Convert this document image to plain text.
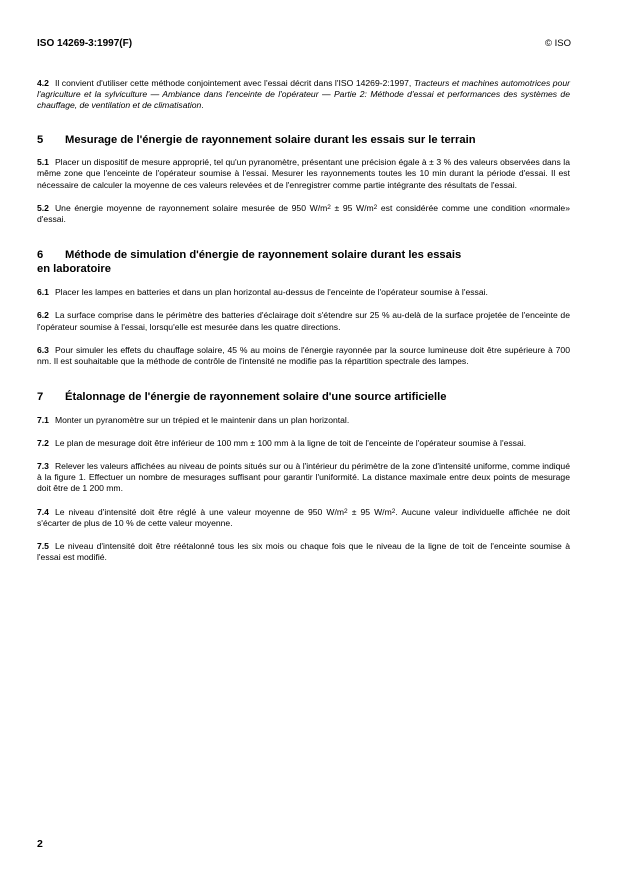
ISO 14269-3:1997(F)	© ISO

4.2 Il convient d'utiliser cette méthode conjointement avec l'essai décrit dans l'ISO 14269-2:1997, Tracteurs et machines automotrices pour l'agriculture et la sylviculture — Ambiance dans l'enceinte de l'opérateur — Partie 2: Méthode d'essai et performances des systèmes de chauffage, de ventilation et de climatisation.

5 Mesurage de l'énergie de rayonnement solaire durant les essais sur le terrain

5.1 Placer un dispositif de mesure approprié, tel qu'un pyranomètre, présentant une précision égale à ± 3 % des valeurs observées dans la même zone que l'enceinte de l'opérateur soumise à l'essai. Mesurer les rayonnements toutes les 10 min durant la période d'essai. Il est nécessaire de calculer la moyenne de ces valeurs relevées et de l'enregistrer comme partie intégrante des résultats de l'essai.

5.2 Une énergie moyenne de rayonnement solaire mesurée de 950 $W/m^2 \pm 95$ $W/m^2$ est considérée comme une condition «normale» d'essai.

6 Méthode de simulation d'énergie de rayonnement solaire durant les essais
en laboratoire

6.1 Placer les lampes en batteries et dans un plan horizontal au-dessus de l'enceinte de l'opérateur soumise à l'essai.

6.2 La surface comprise dans le périmètre des batteries d'éclairage doit s'étendre sur 25 % au-delà de la surface projetée de l'enceinte de l'opérateur soumise à l'essai, lorsqu'elle est mesurée dans les quatre directions.

6.3 Pour simuler les effets du chauffage solaire, 45 % au moins de l'énergie rayonnée par la source lumineuse doit être supérieure à 700 nm. Il est souhaitable que la méthode de contrôle de l'intensité ne modifie pas la répartition spectrale des lampes.

7 Étalonnage de l'énergie de rayonnement solaire d'une source artificielle

7.1 Monter un pyranomètre sur un trépied et le maintenir dans un plan horizontal.

7.2 Le plan de mesurage doit être inférieur de 100 mm ± 100 mm à la ligne de toit de l'enceinte de l'opérateur soumise à l'essai.

7.3 Relever les valeurs affichées au niveau de points situés sur ou à l'intérieur du périmètre de la zone d'intensité uniforme, comme indiqué à la figure 1. Effectuer un nombre de mesurages suffisant pour garantir l'uniformité. La distance maximale entre deux points de mesurage doit être de 1 200 mm.

7.4 Le niveau d'intensité doit être réglé à une valeur moyenne de 950 $W/m^2 \pm 95$ $W/m^2$. Aucune valeur individuelle affichée ne doit s'écarter de plus de 10 % de cette valeur moyenne.

7.5 Le niveau d'intensité doit être réétalonné tous les six mois ou chaque fois que le niveau de la ligne de toit de l'enceinte soumise à l'essai est modifié.

2
